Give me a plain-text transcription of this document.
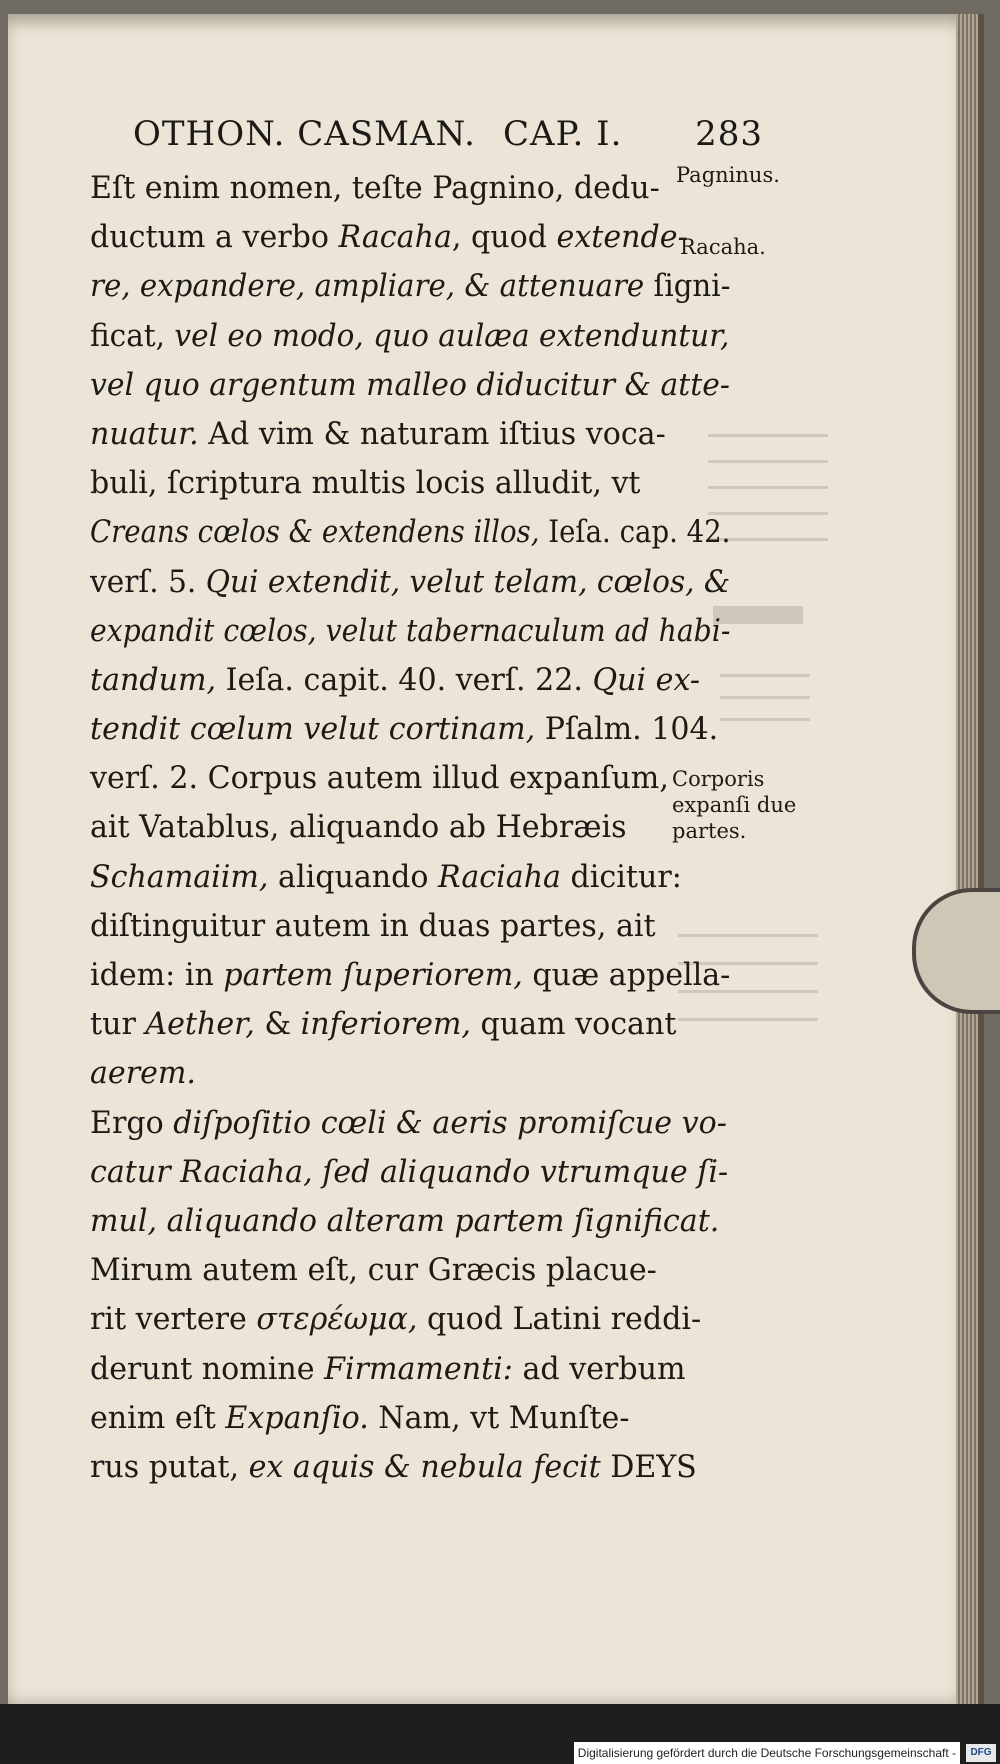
OTHON. CASMAN. CAP. I. 283
Eſt enim nomen, teſte Pagnino, dedu-
ductum a verbo Racaha, quod extende-
re, expandere, ampliare, & attenuare ſigni-
ficat, vel eo modo, quo aulæa extenduntur,
vel quo argentum malleo diducitur & atte-
nuatur. Ad vim & naturam iſtius voca-
buli, ſcriptura multis locis alludit, vt
Creans cœlos & extendens illos, Ieſa. cap. 42.
verſ. 5. Qui extendit, velut telam, cœlos, &
expandit cœlos, velut tabernaculum ad habi-
tandum, Ieſa. capit. 40. verſ. 22. Qui ex-
tendit cœlum velut cortinam, Pſalm. 104.
verſ. 2. Corpus autem illud expanſum,
ait Vatablus, aliquando ab Hebræis
Schamaiim, aliquando Raciaha dicitur:
diſtinguitur autem in duas partes, ait
idem: in partem ſuperiorem, quæ appella-
tur Aether, & inferiorem, quam vocant
aerem.
Ergo diſpoſitio cœli & aeris promiſcue vo-
catur Raciaha, ſed aliquando vtrumque ſi-
mul, aliquando alteram partem ſignificat.
Mirum autem eſt, cur Græcis placue-
rit vertere στερέωμα, quod Latini reddi-
derunt nomine Firmamenti: ad verbum
enim eſt Expanſio. Nam, vt Munſte-
rus putat, ex aquis & nebula fecit DEYS
Pagninus.
Racaha.
Corporis
expanſi due
partes.
Digitalisierung gefördert durch die Deutsche Forschungsgemeinschaft -	DFG
